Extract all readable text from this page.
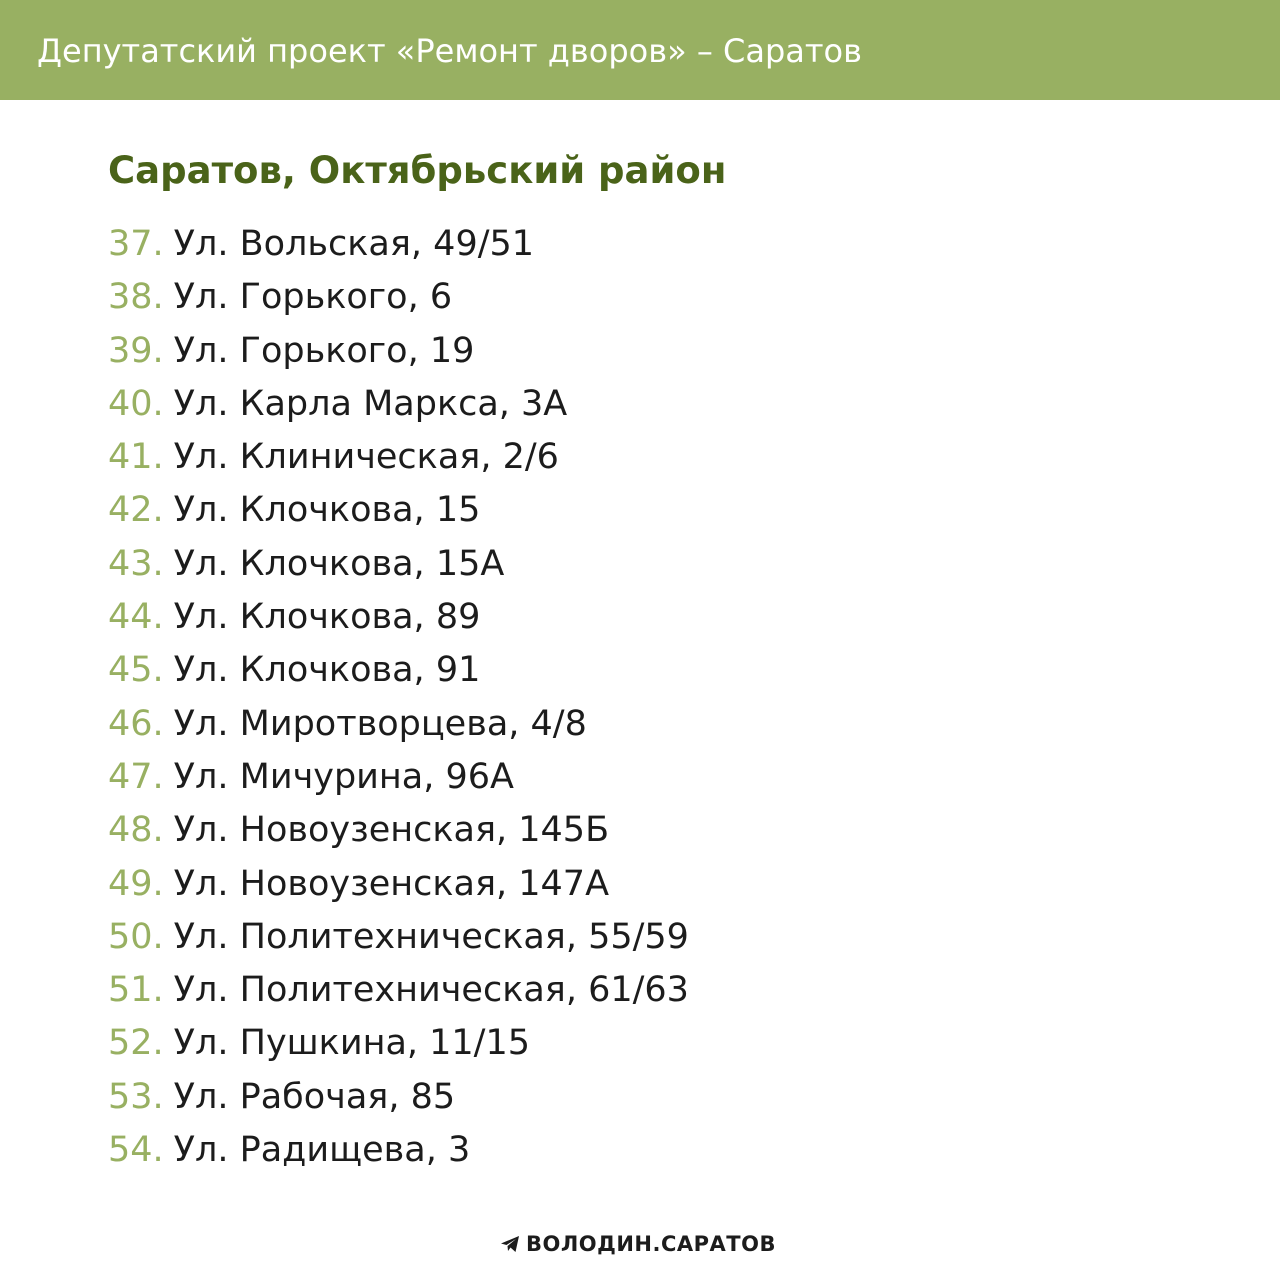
Депутатский проект «Ремонт дворов» – Саратов
Саратов, Октябрьский район
37. Ул. Вольская, 49/51
38. Ул. Горького, 6
39. Ул. Горького, 19
40. Ул. Карла Маркса, 3А
41. Ул. Клиническая, 2/6
42. Ул. Клочкова, 15
43. Ул. Клочкова, 15А
44. Ул. Клочкова, 89
45. Ул. Клочкова, 91
46. Ул. Миротворцева, 4/8
47. Ул. Мичурина, 96А
48. Ул. Новоузенская, 145Б
49. Ул. Новоузенская, 147А
50. Ул. Политехническая, 55/59
51. Ул. Политехническая, 61/63
52. Ул. Пушкина, 11/15
53. Ул. Рабочая, 85
54. Ул. Радищева, 3
ВОЛОДИН.САРАТОВ
